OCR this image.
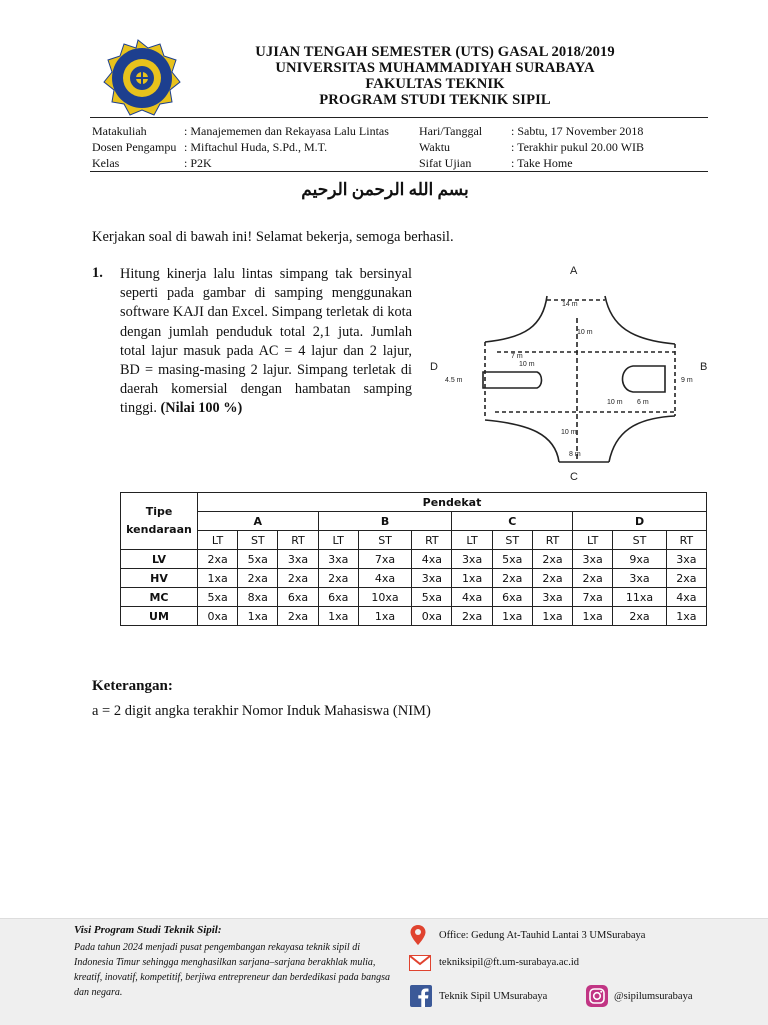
UJIAN TENGAH SEMESTER (UTS) GASAL 2018/2019
UNIVERSITAS MUHAMMADIYAH SURABAYA
FAKULTAS TEKNIK
PROGRAM STUDI TEKNIK SIPIL
Matakuliah	: Manajememen dan Rekayasa Lalu Lintas
Dosen Pengampu : Miftachul Huda, S.Pd., M.T.
Kelas	: P2K
Hari/Tanggal	: Sabtu, 17 November 2018
Waktu	: Terakhir pukul 20.00 WIB
Sifat Ujian	: Take Home
بسم الله الرحمن الرحيم
Kerjakan soal di bawah ini! Selamat bekerja, semoga berhasil.
1. Hitung kinerja lalu lintas simpang tak bersinyal seperti pada gambar di samping menggunakan software KAJI dan Excel. Simpang terletak di kota dengan jumlah penduduk total 2,1 juta. Jumlah total lajur masuk pada AC = 4 lajur dan 2 lajur, BD = masing-masing 2 lajur. Simpang terletak di daerah komersial dengan hambatan samping tinggi. (Nilai 100 %)
14 m
10 m
7 m
10 m
4.5 m	9 m
10 m 6 m
10 m
8 m
A
B
C
D
Tipe
kendaraan	Pendekat											
	A			B			C			D		
	LT	ST	RT	LT	ST	RT	LT	ST	RT	LT	ST	RT
LV	2xa	5xa	3xa	3xa	7xa	4xa	3xa	5xa	2xa	3xa	9xa	3xa
HV	1xa	2xa	2xa	2xa	4xa	3xa	1xa	2xa	2xa	2xa	3xa	2xa
MC	5xa	8xa	6xa	6xa	10xa	5xa	4xa	6xa	3xa	7xa	11xa	4xa
UM	0xa	1xa	2xa	1xa	1xa	0xa	2xa	1xa	1xa	1xa	2xa	1xa
Keterangan:
a = 2 digit angka terakhir Nomor Induk Mahasiswa (NIM)
Visi Program Studi Teknik Sipil:
Pada tahun 2024 menjadi pusat pengembangan rekayasa teknik sipil di Indonesia Timur sehingga menghasilkan sarjana–sarjana berakhlak mulia, kreatif, inovatif, kompetitif, berjiwa entrepreneur dan berdedikasi pada bangsa dan negara.
Office: Gedung At-Tauhid Lantai 3 UMSurabaya
tekniksipil@ft.um-surabaya.ac.id
Teknik Sipil UMsurabaya	@sipilumsurabaya
